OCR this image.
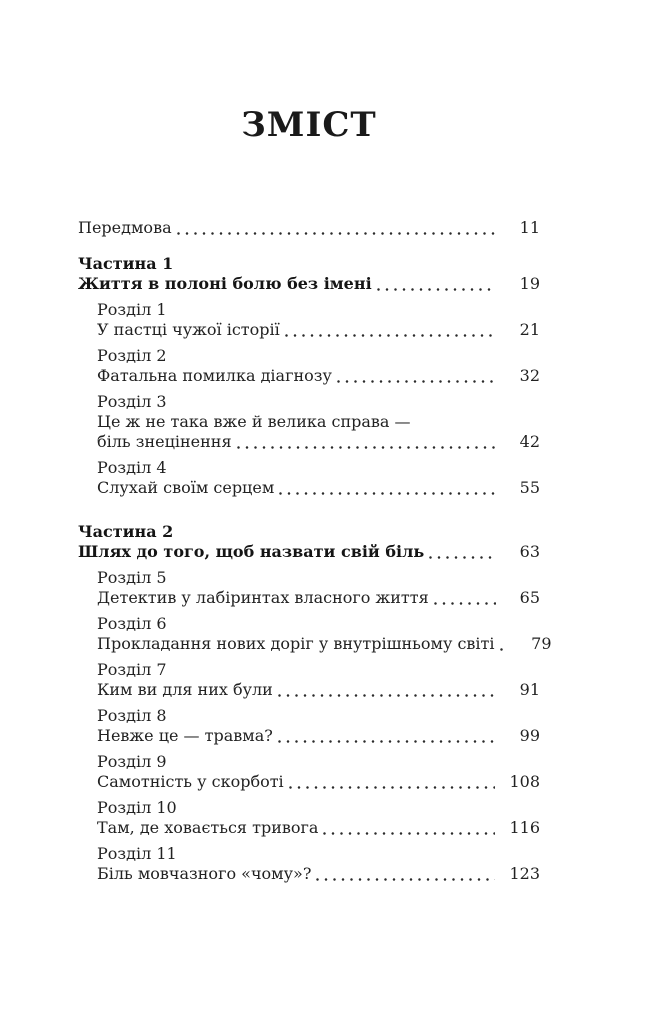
ЗМІСТ
Передмова	11
Частина 1
Життя в полоні болю без імені	19
Розділ 1
У пастці чужої історії	21
Розділ 2
Фатальна помилка діагнозу	32
Розділ 3
Це ж не така вже й велика справа —
біль знецінення	42
Розділ 4
Слухай своїм серцем	55
Частина 2
Шлях до того, щоб назвати свій біль	63
Розділ 5
Детектив у лабіринтах власного життя	65
Розділ 6
Прокладання нових доріг у внутрішньому світі	79
Розділ 7
Ким ви для них були	91
Розділ 8
Невже це — травма?	99
Розділ 9
Самотність у скорботі	108
Розділ 10
Там, де ховається тривога	116
Розділ 11
Біль мовчазного «чому»?	123
